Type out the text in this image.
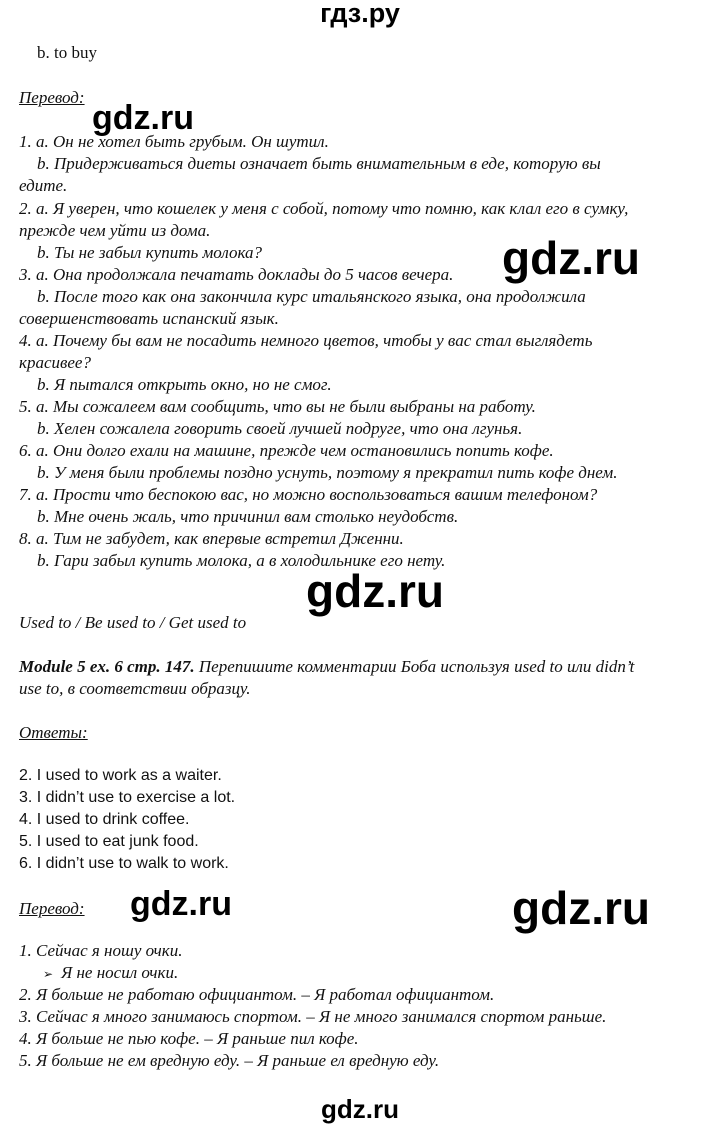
гдз.ру
b. to buy
Перевод:
1. a. Он не хотел быть грубым. Он шутил.
b. Придерживаться диеты означает быть внимательным в еде, которую вы
едите.
2. a. Я уверен, что кошелек у меня с собой, потому что помню, как клал его в сумку,
прежде чем уйти из дома.
b. Ты не забыл купить молока?
3. a. Она продолжала печатать доклады до 5 часов вечера.
b. После того как она закончила курс итальянского языка, она продолжила
совершенствовать испанский язык.
4. a. Почему бы вам не посадить немного цветов, чтобы у вас стал выглядеть
красивее?
b. Я пытался открыть окно, но не смог.
5. a. Мы сожалеем вам сообщить, что вы не были выбраны на работу.
b. Хелен сожалела говорить своей лучшей подруге, что она лгунья.
6. a. Они долго ехали на машине, прежде чем остановились попить кофе.
b. У меня были проблемы поздно уснуть, поэтому я прекратил пить кофе днем.
7. a. Прости что беспокою вас, но можно воспользоваться вашим телефоном?
b. Мне очень жаль, что причинил вам столько неудобств.
8. a. Тим не забудет, как впервые встретил Дженни.
b. Гари забыл купить молока, а в холодильнике его нету.
Used to / Be used to / Get used to
Module 5 ex. 6 стр. 147. Перепишите комментарии Боба используя used to или didn’t
use to, в соответствии образцу.
Ответы:
2. I used to work as a waiter.
3. I didn’t use to exercise a lot.
4. I used to drink coffee.
5. I used to eat junk food.
6. I didn’t use to walk to work.
Перевод:
1. Сейчас я ношу очки.
➢ Я не носил очки.
2. Я больше не работаю официантом. – Я работал официантом.
3. Сейчас я много занимаюсь спортом. – Я не много занимался спортом раньше.
4. Я больше не пью кофе. – Я раньше пил кофе.
5. Я больше не ем вредную еду. – Я раньше ел вредную еду.
gdz.ru
gdz.ru
gdz.ru
gdz.ru	gdz.ru
gdz.ru
